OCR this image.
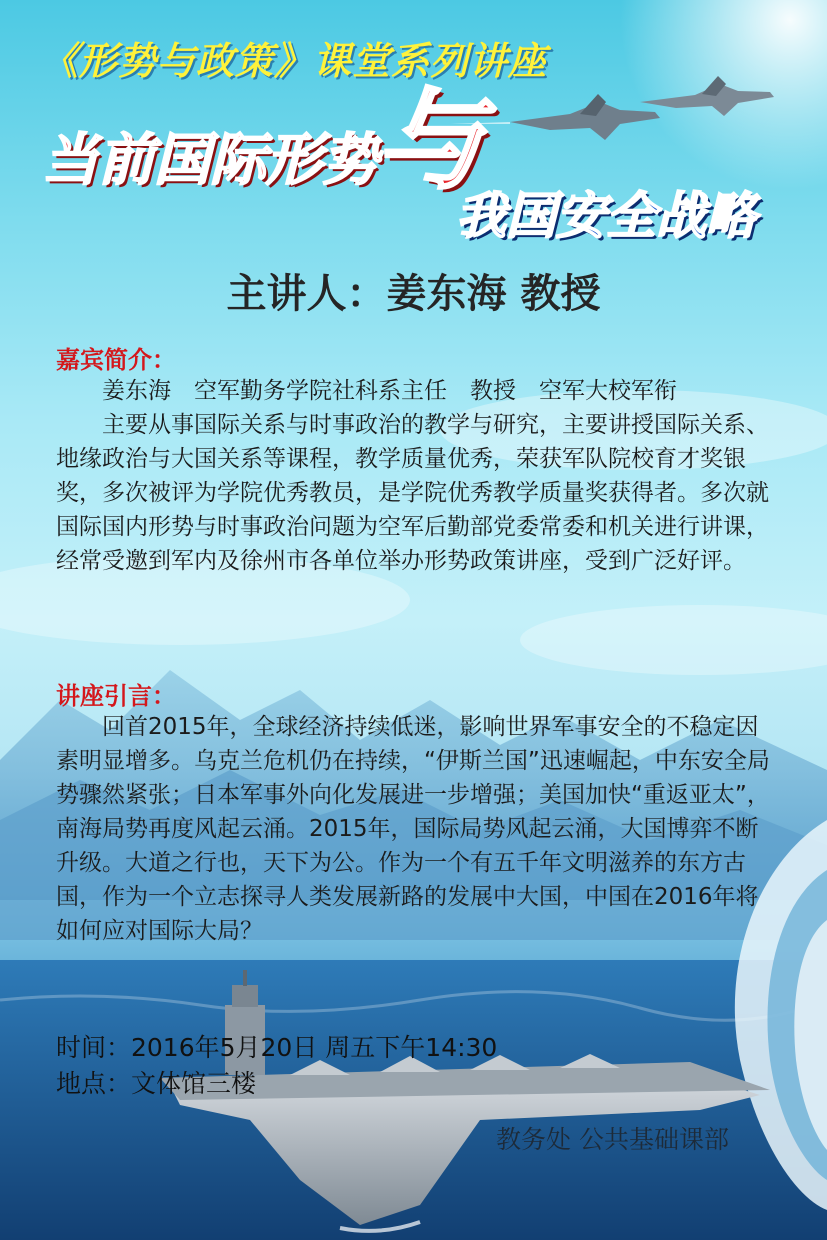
《形势与政策》课堂系列讲座
当前国际形势
与
我国安全战略
主讲人：姜东海 教授
嘉宾简介：

姜东海　空军勤务学院社科系主任　教授　空军大校军衔

主要从事国际关系与时事政治的教学与研究，主要讲授国际关系、地缘政治与大国关系等课程，教学质量优秀，荣获军队院校育才奖银奖，多次被评为学院优秀教员，是学院优秀教学质量奖获得者。多次就国际国内形势与时事政治问题为空军后勤部党委常委和机关进行讲课，经常受邀到军内及徐州市各单位举办形势政策讲座，受到广泛好评。

讲座引言：

回首2015年，全球经济持续低迷，影响世界军事安全的不稳定因素明显增多。乌克兰危机仍在持续，“伊斯兰国”迅速崛起，中东安全局势骤然紧张；日本军事外向化发展进一步增强；美国加快“重返亚太”，南海局势再度风起云涌。2015年，国际局势风起云涌，大国博弈不断升级。大道之行也，天下为公。作为一个有五千年文明滋养的东方古国，作为一个立志探寻人类发展新路的发展中大国，中国在2016年将如何应对国际大局？

时间：2016年5月20日 周五下午14:30
地点：文体馆三楼
教务处 公共基础课部
